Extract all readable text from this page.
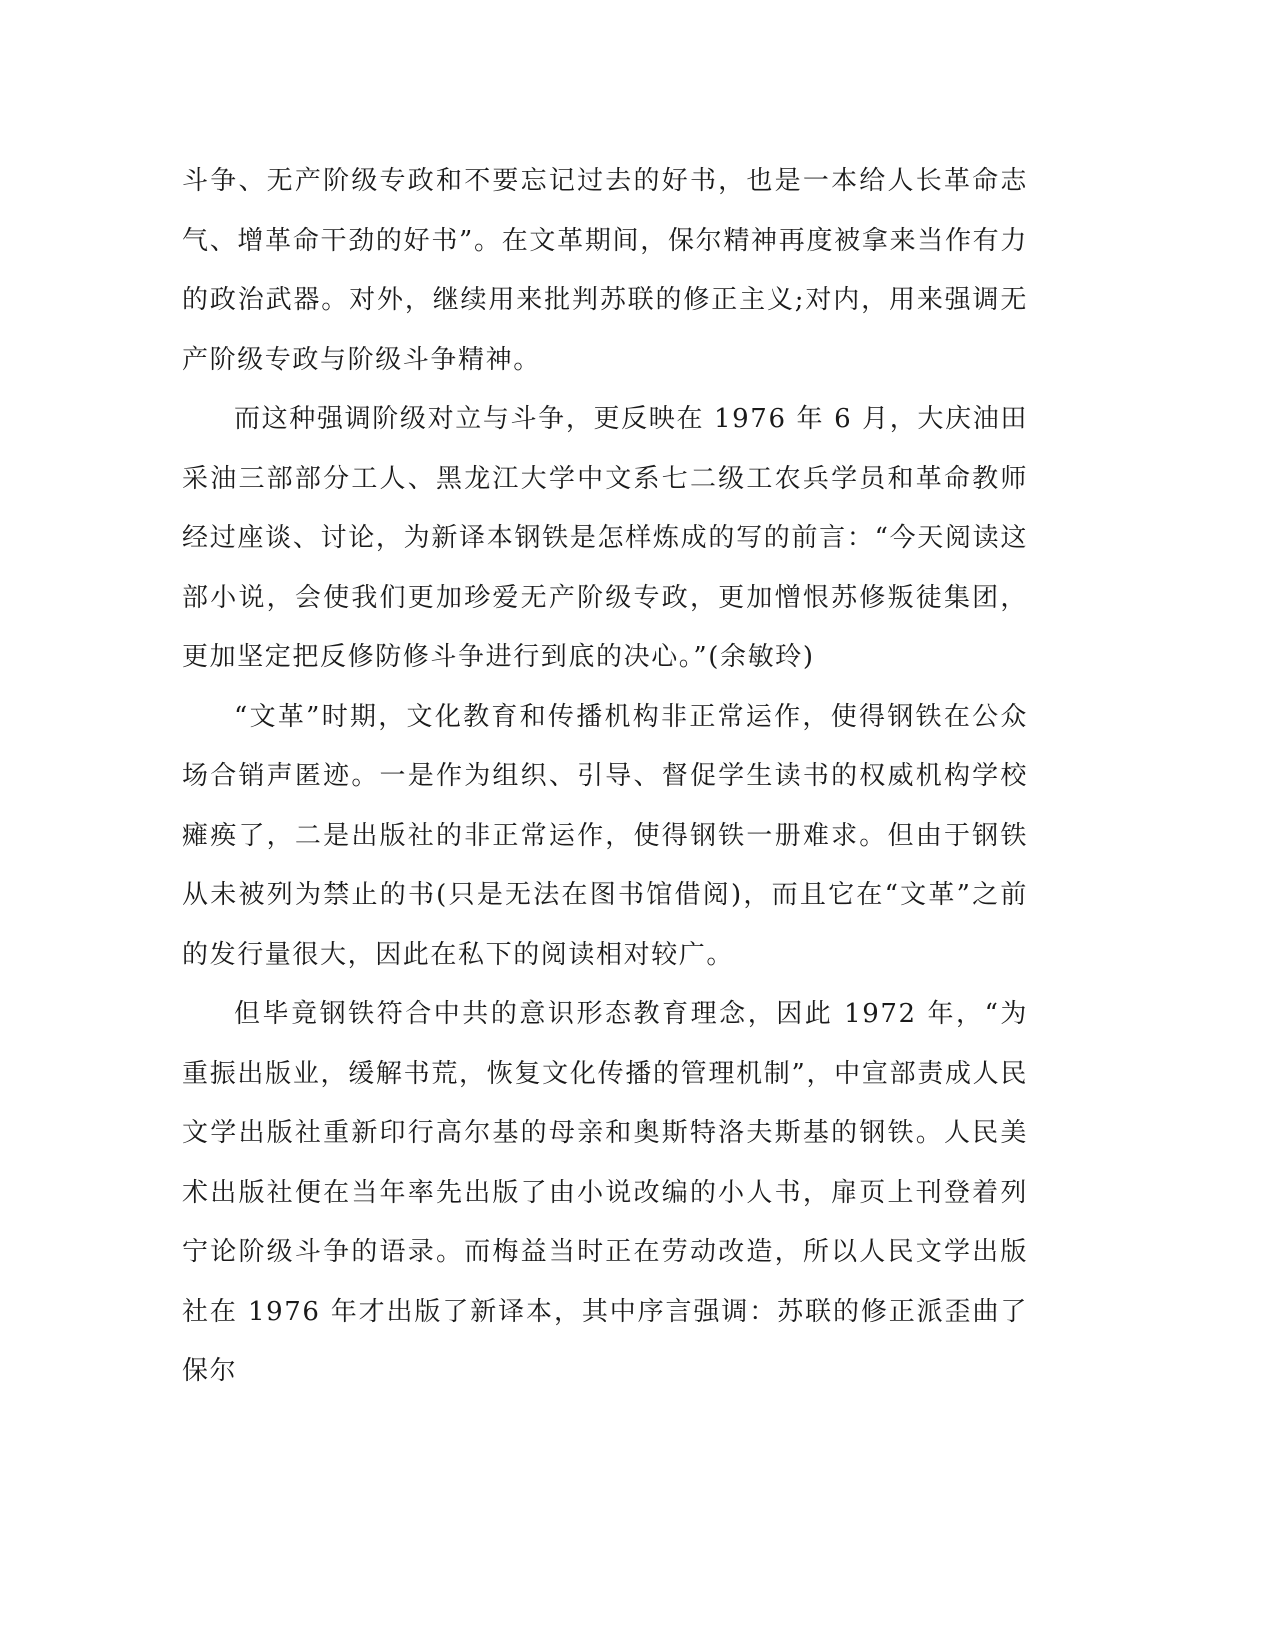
斗争、无产阶级专政和不要忘记过去的好书，也是一本给人长革命志气、增革命干劲的好书”。在文革期间，保尔精神再度被拿来当作有力的政治武器。对外，继续用来批判苏联的修正主义;对内，用来强调无产阶级专政与阶级斗争精神。

而这种强调阶级对立与斗争，更反映在 1976 年 6 月，大庆油田采油三部部分工人、黑龙江大学中文系七二级工农兵学员和革命教师经过座谈、讨论，为新译本钢铁是怎样炼成的写的前言：“今天阅读这部小说，会使我们更加珍爱无产阶级专政，更加憎恨苏修叛徒集团，更加坚定把反修防修斗争进行到底的决心。”(余敏玲)

“文革”时期，文化教育和传播机构非正常运作，使得钢铁在公众场合销声匿迹。一是作为组织、引导、督促学生读书的权威机构学校瘫痪了，二是出版社的非正常运作，使得钢铁一册难求。但由于钢铁从未被列为禁止的书(只是无法在图书馆借阅)，而且它在“文革”之前的发行量很大，因此在私下的阅读相对较广。

但毕竟钢铁符合中共的意识形态教育理念，因此 1972 年，“为重振出版业，缓解书荒，恢复文化传播的管理机制”，中宣部责成人民文学出版社重新印行高尔基的母亲和奥斯特洛夫斯基的钢铁。人民美术出版社便在当年率先出版了由小说改编的小人书，扉页上刊登着列宁论阶级斗争的语录。而梅益当时正在劳动改造，所以人民文学出版社在 1976 年才出版了新译本，其中序言强调：苏联的修正派歪曲了保尔
